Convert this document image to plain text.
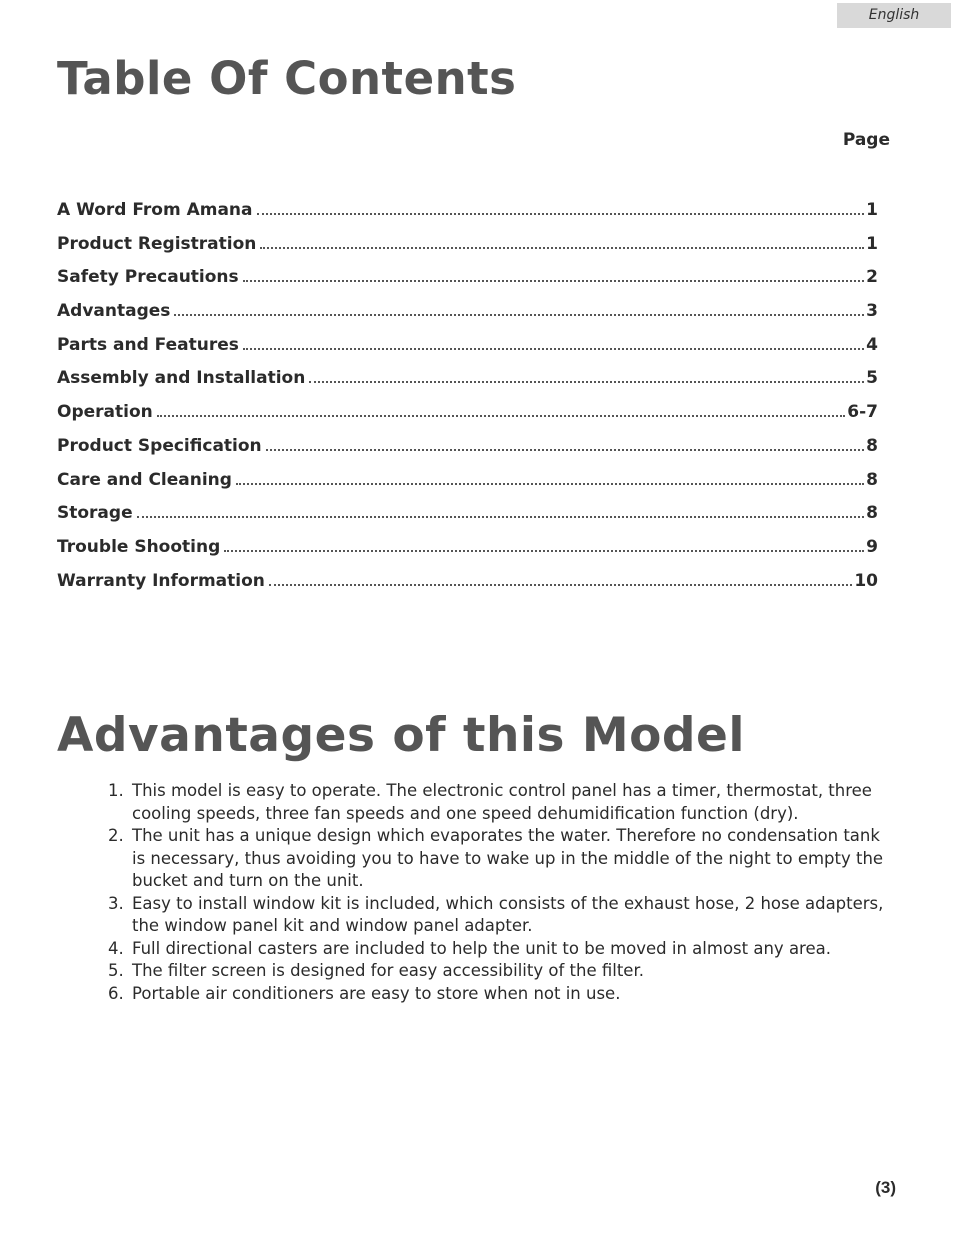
English
Table Of Contents
Page
A Word From Amana	1
Product Registration	1
Safety Precautions	2
Advantages	3
Parts and Features	4
Assembly and Installation	5
Operation	6-7
Product Specification	8
Care and Cleaning	8
Storage	8
Trouble Shooting	9
Warranty Information	10
Advantages of this Model
1. This model is easy to operate. The electronic control panel has a timer, thermostat, three cooling speeds, three fan speeds and one speed dehumidification function (dry).
2. The unit has a unique design which evaporates the water. Therefore no condensation tank is necessary, thus avoiding you to have to wake up in the middle of the night to empty the bucket and turn on the unit.
3. Easy to install window kit is included, which consists of the exhaust hose, 2 hose adapters, the window panel kit and window panel adapter.
4. Full directional casters are included to help the unit to be moved in almost any area.
5. The filter screen is designed for easy accessibility of the filter.
6. Portable air conditioners are easy to store when not in use.
(3)
